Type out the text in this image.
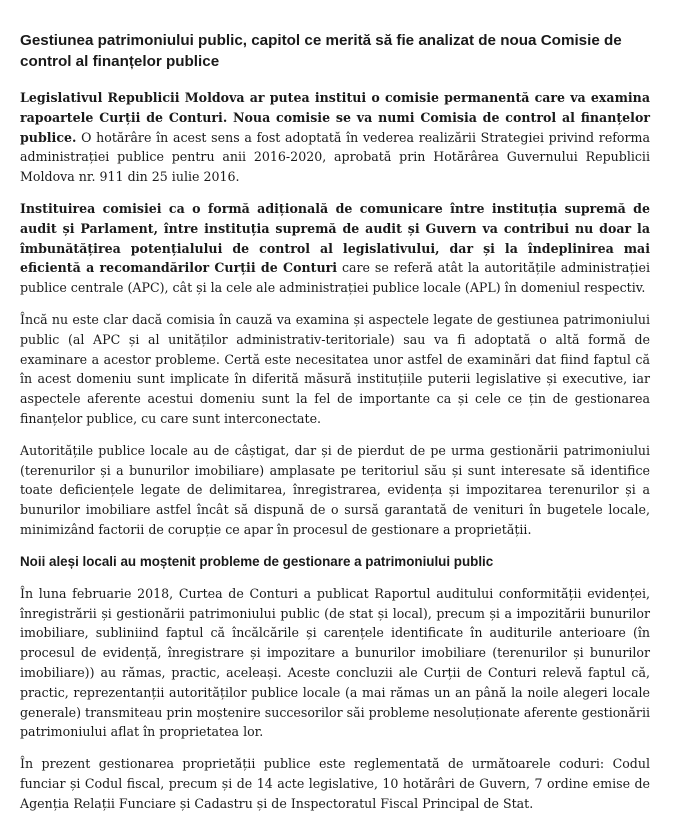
Gestiunea patrimoniului public, capitol ce merită să fie analizat de noua Comisie de control al finanțelor publice

Legislativul Republicii Moldova ar putea institui o comisie permanentă care va examina rapoartele Curții de Conturi. Noua comisie se va numi Comisia de control al finanțelor publice. O hotărâre în acest sens a fost adoptată în vederea realizării Strategiei privind reforma administrației publice pentru anii 2016-2020, aprobată prin Hotărârea Guvernului Republicii Moldova nr. 911 din 25 iulie 2016.

Instituirea comisiei ca o formă adițională de comunicare între instituția supremă de audit și Parlament, între instituția supremă de audit și Guvern va contribui nu doar la îmbunătățirea potențialului de control al legislativului, dar și la îndeplinirea mai eficientă a recomandărilor Curții de Conturi care se referă atât la autoritățile administrației publice centrale (APC), cât și la cele ale administrației publice locale (APL) în domeniul respectiv.

Încă nu este clar dacă comisia în cauză va examina și aspectele legate de gestiunea patrimoniului public (al APC și al unităților administrativ-teritoriale) sau va fi adoptată o altă formă de examinare a acestor probleme. Certă este necesitatea unor astfel de examinări dat fiind faptul că în acest domeniu sunt implicate în diferită măsură instituțiile puterii legislative și executive, iar aspectele aferente acestui domeniu sunt la fel de importante ca și cele ce țin de gestionarea finanțelor publice, cu care sunt interconectate.

Autoritățile publice locale au de câștigat, dar și de pierdut de pe urma gestionării patrimoniului (terenurilor și a bunurilor imobiliare) amplasate pe teritoriul său și sunt interesate să identifice toate deficiențele legate de delimitarea, înregistrarea, evidența și impozitarea terenurilor și a bunurilor imobiliare astfel încât să dispună de o sursă garantată de venituri în bugetele locale, minimizând factorii de corupție ce apar în procesul de gestionare a proprietății.

Noii aleși locali au moștenit probleme de gestionare a patrimoniului public

În luna februarie 2018, Curtea de Conturi a publicat Raportul auditului conformității evidenței, înregistrării și gestionării patrimoniului public (de stat și local), precum și a impozitării bunurilor imobiliare, subliniind faptul că încălcările și carențele identificate în auditurile anterioare (în procesul de evidență, înregistrare și impozitare a bunurilor imobiliare (terenurilor și bunurilor imobiliare)) au rămas, practic, aceleași. Aceste concluzii ale Curții de Conturi relevă faptul că, practic, reprezentanții autorităților publice locale (a mai rămas un an până la noile alegeri locale generale) transmiteau prin moștenire succesorilor săi probleme nesoluționate aferente gestionării patrimoniului aflat în proprietatea lor.

În prezent gestionarea proprietății publice este reglementată de următoarele coduri: Codul funciar și Codul fiscal, precum și de 14 acte legislative, 10 hotărâri de Guvern, 7 ordine emise de Agenția Relații Funciare și Cadastru și de Inspectoratul Fiscal Principal de Stat.
